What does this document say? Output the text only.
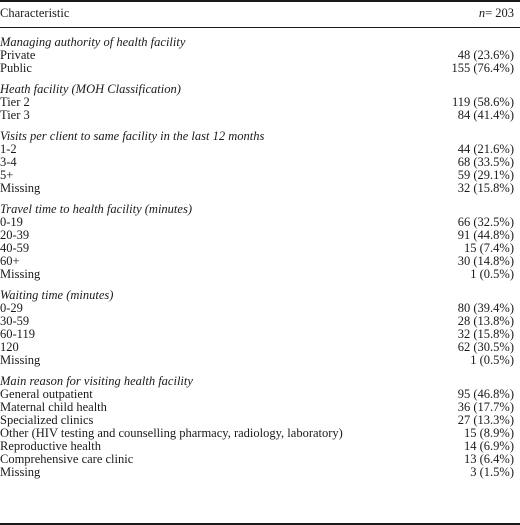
Characteristic	n= 203
Managing authority of health facility
Private	48 (23.6%)
Public	155 (76.4%)
Heath facility (MOH Classification)
Tier 2	119 (58.6%)
Tier 3	84 (41.4%)
Visits per client to same facility in the last 12 months
1-2	44 (21.6%)
3-4	68 (33.5%)
5+	59 (29.1%)
Missing	32 (15.8%)
Travel time to health facility (minutes)
0-19	66 (32.5%)
20-39	91 (44.8%)
40-59	15 (7.4%)
60+	30 (14.8%)
Missing	1 (0.5%)
Waiting time (minutes)
0-29	80 (39.4%)
30-59	28 (13.8%)
60-119	32 (15.8%)
120	62 (30.5%)
Missing	1 (0.5%)
Main reason for visiting health facility
General outpatient	95 (46.8%)
Maternal child health	36 (17.7%)
Specialized clinics	27 (13.3%)
Other (HIV testing and counselling pharmacy, radiology, laboratory)	15 (8.9%)
Reproductive health	14 (6.9%)
Comprehensive care clinic	13 (6.4%)
Missing	3 (1.5%)
